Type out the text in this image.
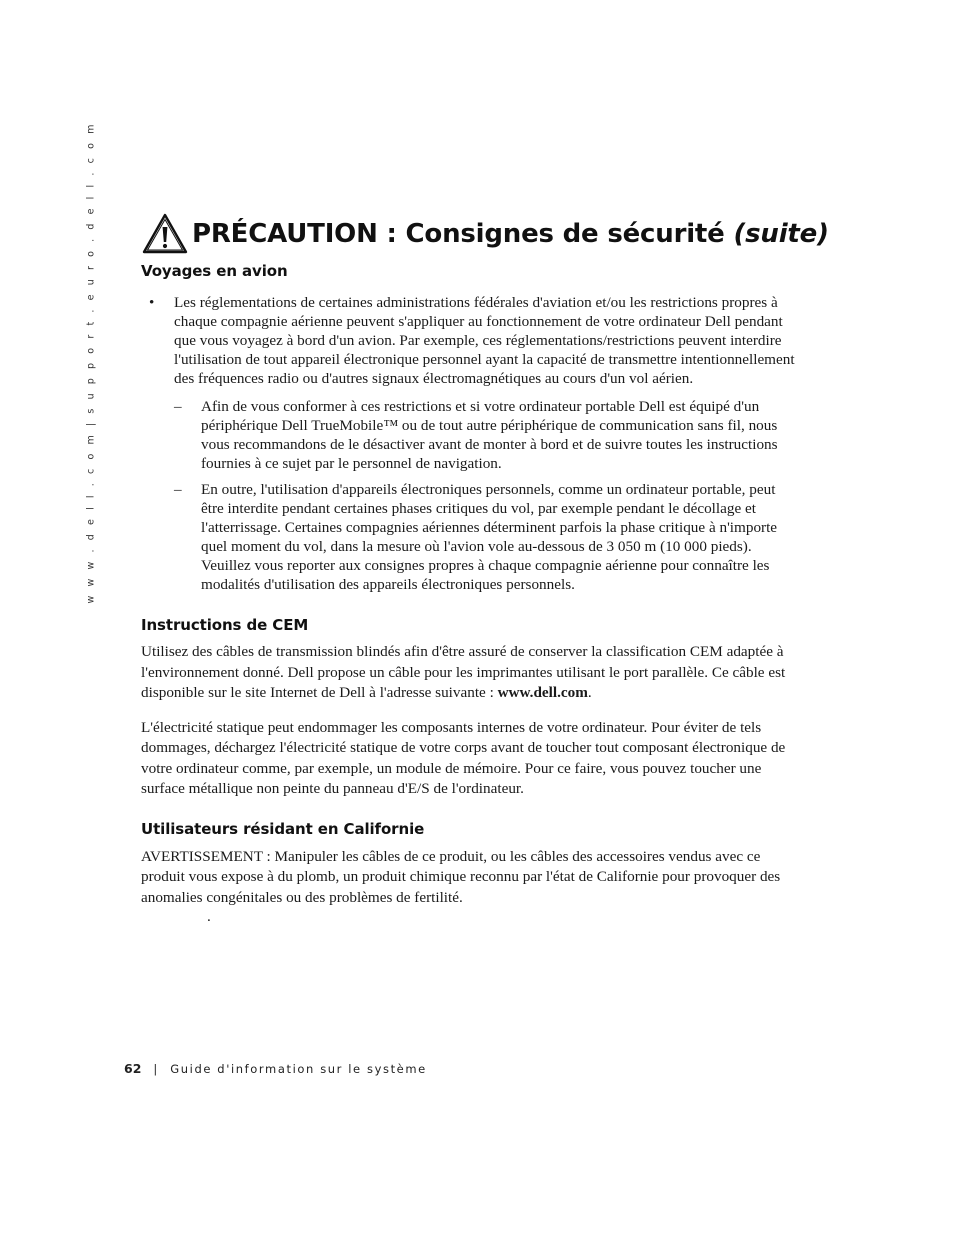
w w w . d e l l . c o m | s u p p o r t . e u r o . d e l l . c o m	PRÉCAUTION : Consignes de sécurité (suite)
Voyages en avion
• Les réglementations de certaines administrations fédérales d'aviation et/ou les restrictions propres à chaque compagnie aérienne peuvent s'appliquer au fonctionnement de votre ordinateur Dell pendant que vous voyagez à bord d'un avion. Par exemple, ces réglementations/restrictions peuvent interdire l'utilisation de tout appareil électronique personnel ayant la capacité de transmettre intentionnellement des fréquences radio ou d'autres signaux électromagnétiques au cours d'un vol aérien.
– Afin de vous conformer à ces restrictions et si votre ordinateur portable Dell est équipé d'un périphérique Dell TrueMobile™ ou de tout autre périphérique de communication sans fil, nous vous recommandons de le désactiver avant de monter à bord et de suivre toutes les instructions fournies à ce sujet par le personnel de navigation.
– En outre, l'utilisation d'appareils électroniques personnels, comme un ordinateur portable, peut être interdite pendant certaines phases critiques du vol, par exemple pendant le décollage et l'atterrissage. Certaines compagnies aériennes déterminent parfois la phase critique à n'importe quel moment du vol, dans la mesure où l'avion vole au-dessous de 3 050 m (10 000 pieds). Veuillez vous reporter aux consignes propres à chaque compagnie aérienne pour connaître les modalités d'utilisation des appareils électroniques personnels.
Instructions de CEM

Utilisez des câbles de transmission blindés afin d'être assuré de conserver la classification CEM adaptée à l'environnement donné. Dell propose un câble pour les imprimantes utilisant le port parallèle. Ce câble est disponible sur le site Internet de Dell à l'adresse suivante : www.dell.com.

L'électricité statique peut endommager les composants internes de votre ordinateur. Pour éviter de tels dommages, déchargez l'électricité statique de votre corps avant de toucher tout composant électronique de votre ordinateur comme, par exemple, un module de mémoire. Pour ce faire, vous pouvez toucher une surface métallique non peinte du panneau d'E/S de l'ordinateur.

Utilisateurs résidant en Californie

AVERTISSEMENT : Manipuler les câbles de ce produit, ou les câbles des accessoires vendus avec ce produit vous expose à du plomb, un produit chimique reconnu par l'état de Californie pour provoquer des anomalies congénitales ou des problèmes de fertilité.

.
62 | Guide d'information sur le système
